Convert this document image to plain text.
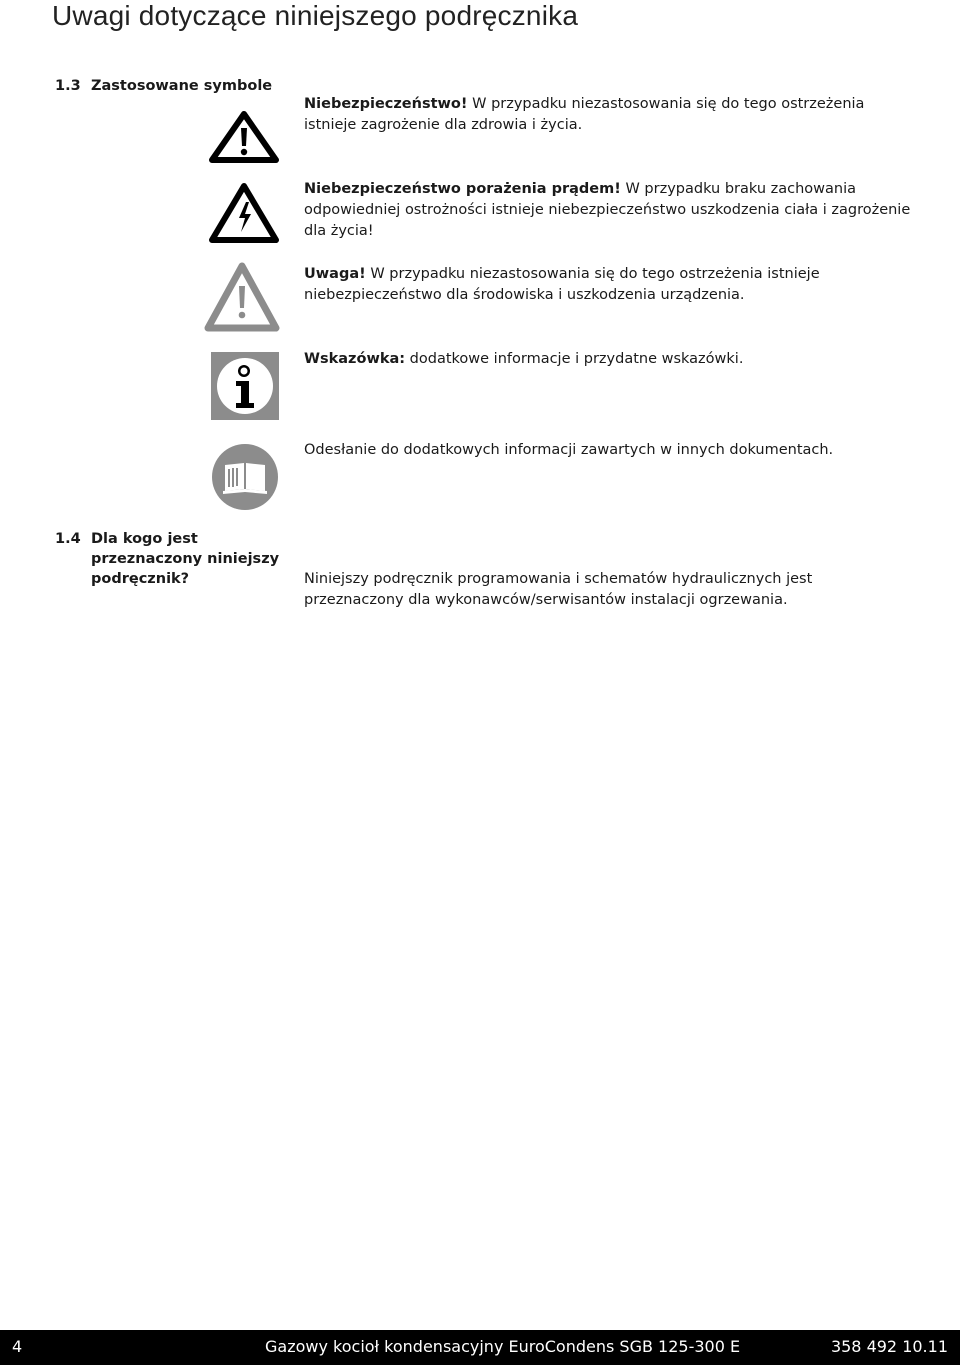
Uwagi dotyczące niniejszego podręcznika
1.3 Zastosowane symbole
Niebezpieczeństwo! W przypadku niezastosowania się do tego ostrzeżenia istnieje zagrożenie dla zdrowia i życia.
Niebezpieczeństwo porażenia prądem! W przypadku braku zachowania odpowiedniej ostrożności istnieje niebezpieczeństwo uszkodzenia ciała i zagrożenie dla życia!
Uwaga! W przypadku niezastosowania się do tego ostrzeżenia istnieje niebezpieczeństwo dla środowiska i uszkodzenia urządzenia.
Wskazówka: dodatkowe informacje i przydatne wskazówki.
Odesłanie do dodatkowych informacji zawartych w innych dokumentach.
1.4 Dla kogo jest przeznaczony niniejszy podręcznik?	Niniejszy podręcznik programowania i schematów hydraulicznych jest przeznaczony dla wykonawców/serwisantów instalacji ogrzewania.
4	Gazowy kocioł kondensacyjny EuroCondens SGB 125-300 E	358 492 10.11
